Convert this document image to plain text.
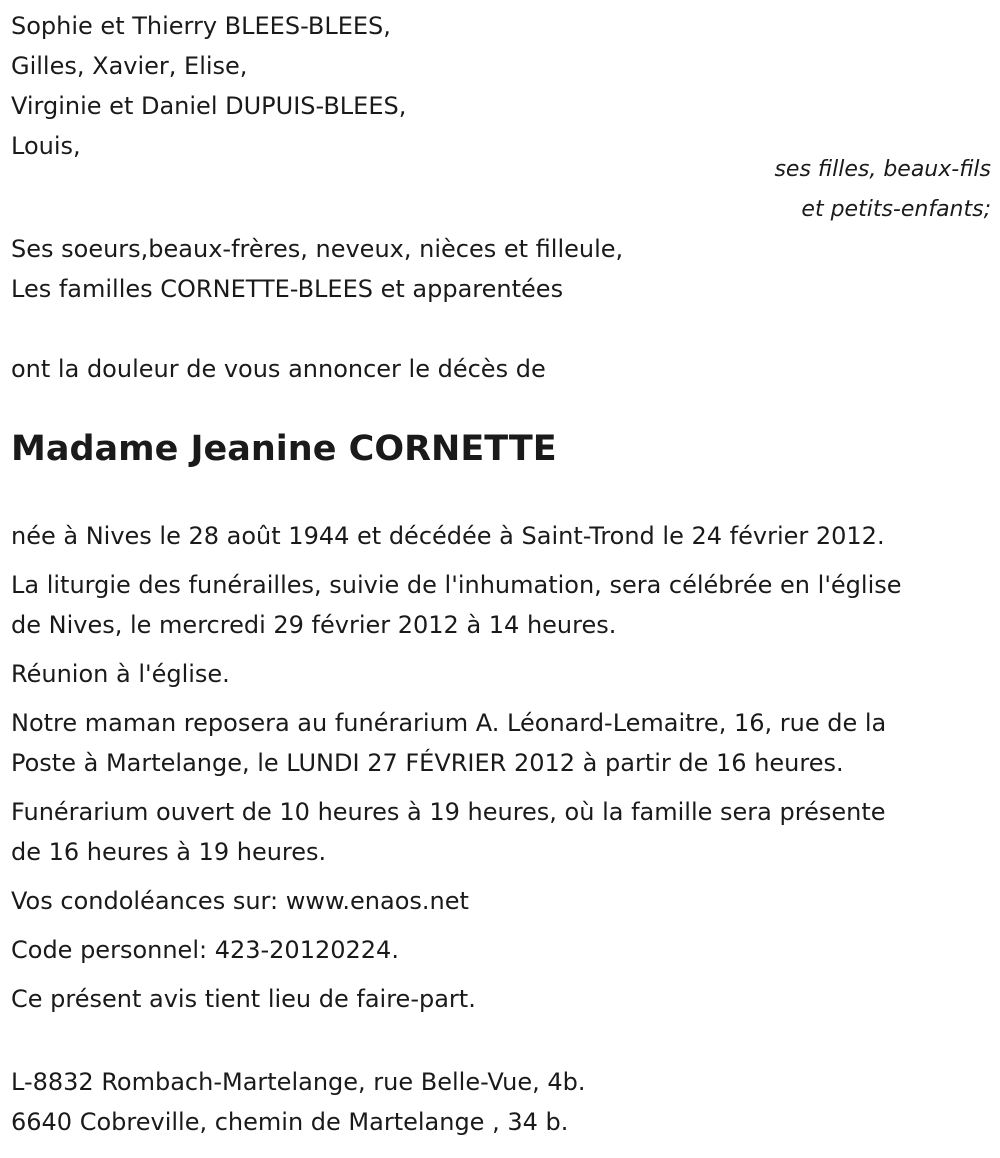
Sophie et Thierry BLEES-BLEES,

Gilles, Xavier, Elise,

Virginie et Daniel DUPUIS-BLEES,

Louis,

ses filles, beaux-fils
et petits-enfants;

Ses soeurs,beaux-frères, neveux, nièces et filleule,

Les familles CORNETTE-BLEES et apparentées

ont la douleur de vous annoncer le décès de

Madame Jeanine CORNETTE

née à Nives le 28 août 1944 et décédée à Saint-Trond le 24 février 2012.

La liturgie des funérailles, suivie de l'inhumation, sera célébrée en l'église
de Nives, le mercredi 29 février 2012 à 14 heures.

Réunion à l'église.

Notre maman reposera au funérarium A. Léonard-Lemaitre, 16, rue de la
Poste à Martelange, le LUNDI 27 FÉVRIER 2012 à partir de 16 heures.

Funérarium ouvert de 10 heures à 19 heures, où la famille sera présente
de 16 heures à 19 heures.

Vos condoléances sur: www.enaos.net

Code personnel: 423-20120224.

Ce présent avis tient lieu de faire-part.

L-8832 Rombach-Martelange, rue Belle-Vue, 4b.

6640 Cobreville, chemin de Martelange , 34 b.
